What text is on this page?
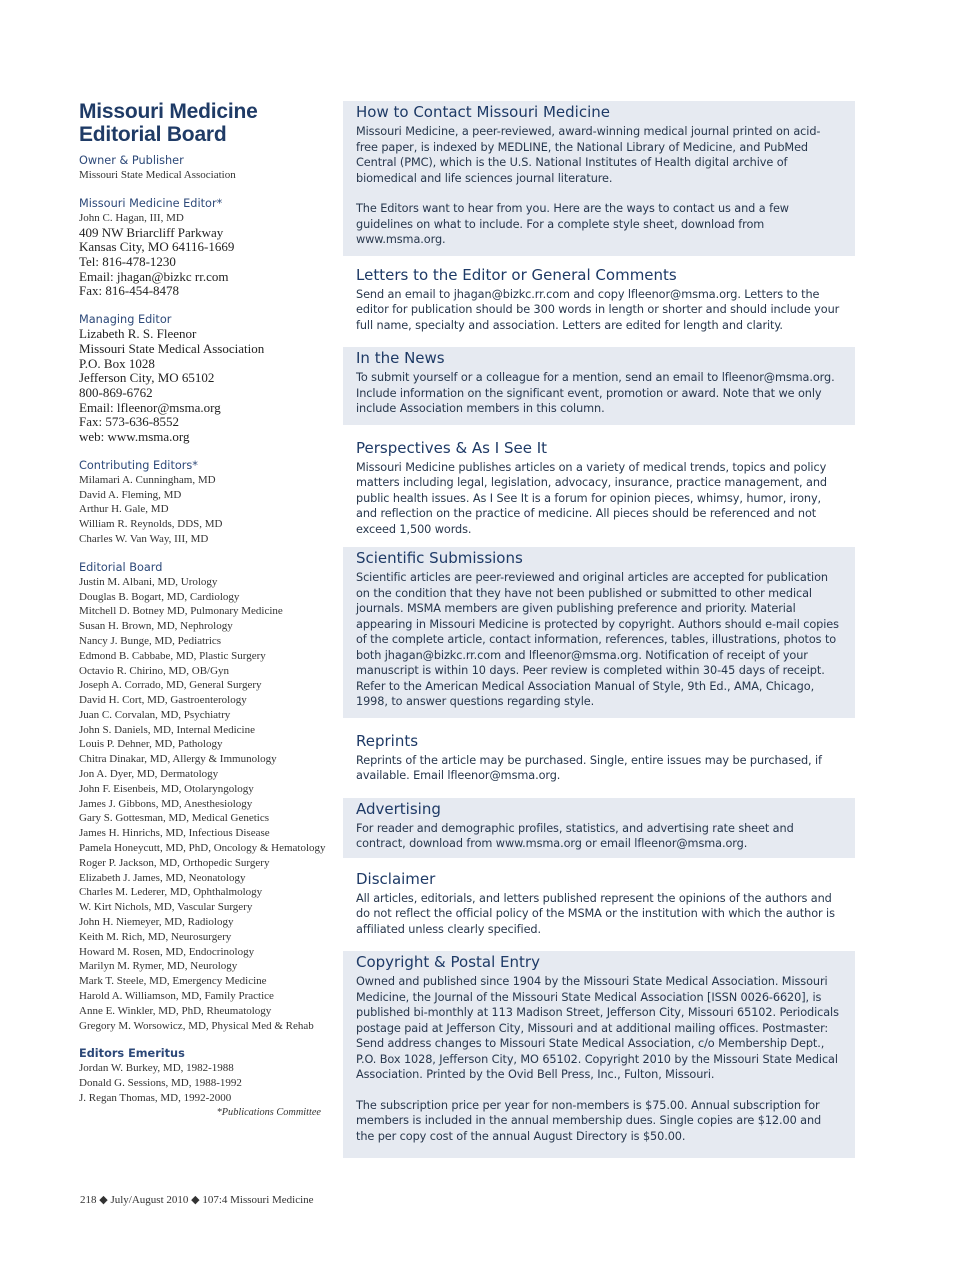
Missouri Medicine
Editorial Board

Owner & Publisher

Missouri State Medical Association

Missouri Medicine Editor*

John C. Hagan, III, MD

409 NW Briarcliff Parkway

Kansas City, MO 64116-1669

Tel: 816-478-1230

Email: jhagan@bizkc rr.com

Fax: 816-454-8478

Managing Editor

Lizabeth R. S. Fleenor

Missouri State Medical Association

P.O. Box 1028

Jefferson City, MO 65102

800-869-6762

Email: lfleenor@msma.org

Fax: 573-636-8552

web: www.msma.org

Contributing Editors*

Milamari A. Cunningham, MD

David A. Fleming, MD

Arthur H. Gale, MD

William R. Reynolds, DDS, MD

Charles W. Van Way, III, MD

Editorial Board

Justin M. Albani, MD, Urology

Douglas B. Bogart, MD, Cardiology

Mitchell D. Botney MD, Pulmonary Medicine

Susan H. Brown, MD, Nephrology

Nancy J. Bunge, MD, Pediatrics

Edmond B. Cabbabe, MD, Plastic Surgery

Octavio R. Chirino, MD, OB/Gyn

Joseph A. Corrado, MD, General Surgery

David H. Cort, MD, Gastroenterology

Juan C. Corvalan, MD, Psychiatry

John S. Daniels, MD, Internal Medicine

Louis P. Dehner, MD, Pathology

Chitra Dinakar, MD, Allergy & Immunology

Jon A. Dyer, MD, Dermatology

John F. Eisenbeis, MD, Otolaryngology

James J. Gibbons, MD, Anesthesiology

Gary S. Gottesman, MD, Medical Genetics

James H. Hinrichs, MD, Infectious Disease

Pamela Honeycutt, MD, PhD, Oncology & Hematology

Roger P. Jackson, MD, Orthopedic Surgery

Elizabeth J. James, MD, Neonatology

Charles M. Lederer, MD, Ophthalmology

W. Kirt Nichols, MD, Vascular Surgery

John H. Niemeyer, MD, Radiology

Keith M. Rich, MD, Neurosurgery

Howard M. Rosen, MD, Endocrinology

Marilyn M. Rymer, MD, Neurology

Mark T. Steele, MD, Emergency Medicine

Harold A. Williamson, MD, Family Practice

Anne E. Winkler, MD, PhD, Rheumatology

Gregory M. Worsowicz, MD, Physical Med & Rehab

Editors Emeritus

Jordan W. Burkey, MD, 1982-1988

Donald G. Sessions, MD, 1988-1992

J. Regan Thomas, MD, 1992-2000

*Publications Committee

218 ◆ July/August 2010 ◆ 107:4 Missouri Medicine
How to Contact Missouri Medicine

Missouri Medicine, a peer-reviewed, award-winning medical journal printed on acid-free paper, is indexed by MEDLINE, the National Library of Medicine, and PubMed Central (PMC), which is the U.S. National Institutes of Health digital archive of biomedical and life sciences journal literature.

The Editors want to hear from you. Here are the ways to contact us and a few guidelines on what to include. For a complete style sheet, download from www.msma.org.

Letters to the Editor or General Comments

Send an email to jhagan@bizkc.rr.com and copy lfleenor@msma.org. Letters to the editor for publication should be 300 words in length or shorter and should include your full name, specialty and association. Letters are edited for length and clarity.

In the News

To submit yourself or a colleague for a mention, send an email to lfleenor@msma.org. Include information on the significant event, promotion or award. Note that we only include Association members in this column.

Perspectives & As I See It

Missouri Medicine publishes articles on a variety of medical trends, topics and policy matters including legal, legislation, advocacy, insurance, practice management, and public health issues. As I See It is a forum for opinion pieces, whimsy, humor, irony, and reflection on the practice of medicine. All pieces should be referenced and not exceed 1,500 words.

Scientific Submissions

Scientific articles are peer-reviewed and original articles are accepted for publication on the condition that they have not been published or submitted to other medical journals. MSMA members are given publishing preference and priority. Material appearing in Missouri Medicine is protected by copyright. Authors should e-mail copies of the complete article, contact information, references, tables, illustrations, photos to both jhagan@bizkc.rr.com and lfleenor@msma.org. Notification of receipt of your manuscript is within 10 days. Peer review is completed within 30-45 days of receipt. Refer to the American Medical Association Manual of Style, 9th Ed., AMA, Chicago, 1998, to answer questions regarding style.

Reprints

Reprints of the article may be purchased. Single, entire issues may be purchased, if available. Email lfleenor@msma.org.

Advertising

For reader and demographic profiles, statistics, and advertising rate sheet and contract, download from www.msma.org or email lfleenor@msma.org.

Disclaimer

All articles, editorials, and letters published represent the opinions of the authors and do not reflect the official policy of the MSMA or the institution with which the author is affiliated unless clearly specified.

Copyright & Postal Entry

Owned and published since 1904 by the Missouri State Medical Association. Missouri Medicine, the Journal of the Missouri State Medical Association [ISSN 0026-6620], is published bi-monthly at 113 Madison Street, Jefferson City, Missouri 65102. Periodicals postage paid at Jefferson City, Missouri and at additional mailing offices. Postmaster: Send address changes to Missouri State Medical Association, c/o Membership Dept., P.O. Box 1028, Jefferson City, MO 65102. Copyright 2010 by the Missouri State Medical Association. Printed by the Ovid Bell Press, Inc., Fulton, Missouri.

The subscription price per year for non-members is $75.00. Annual subscription for members is included in the annual membership dues. Single copies are $12.00 and the per copy cost of the annual August Directory is $50.00.
